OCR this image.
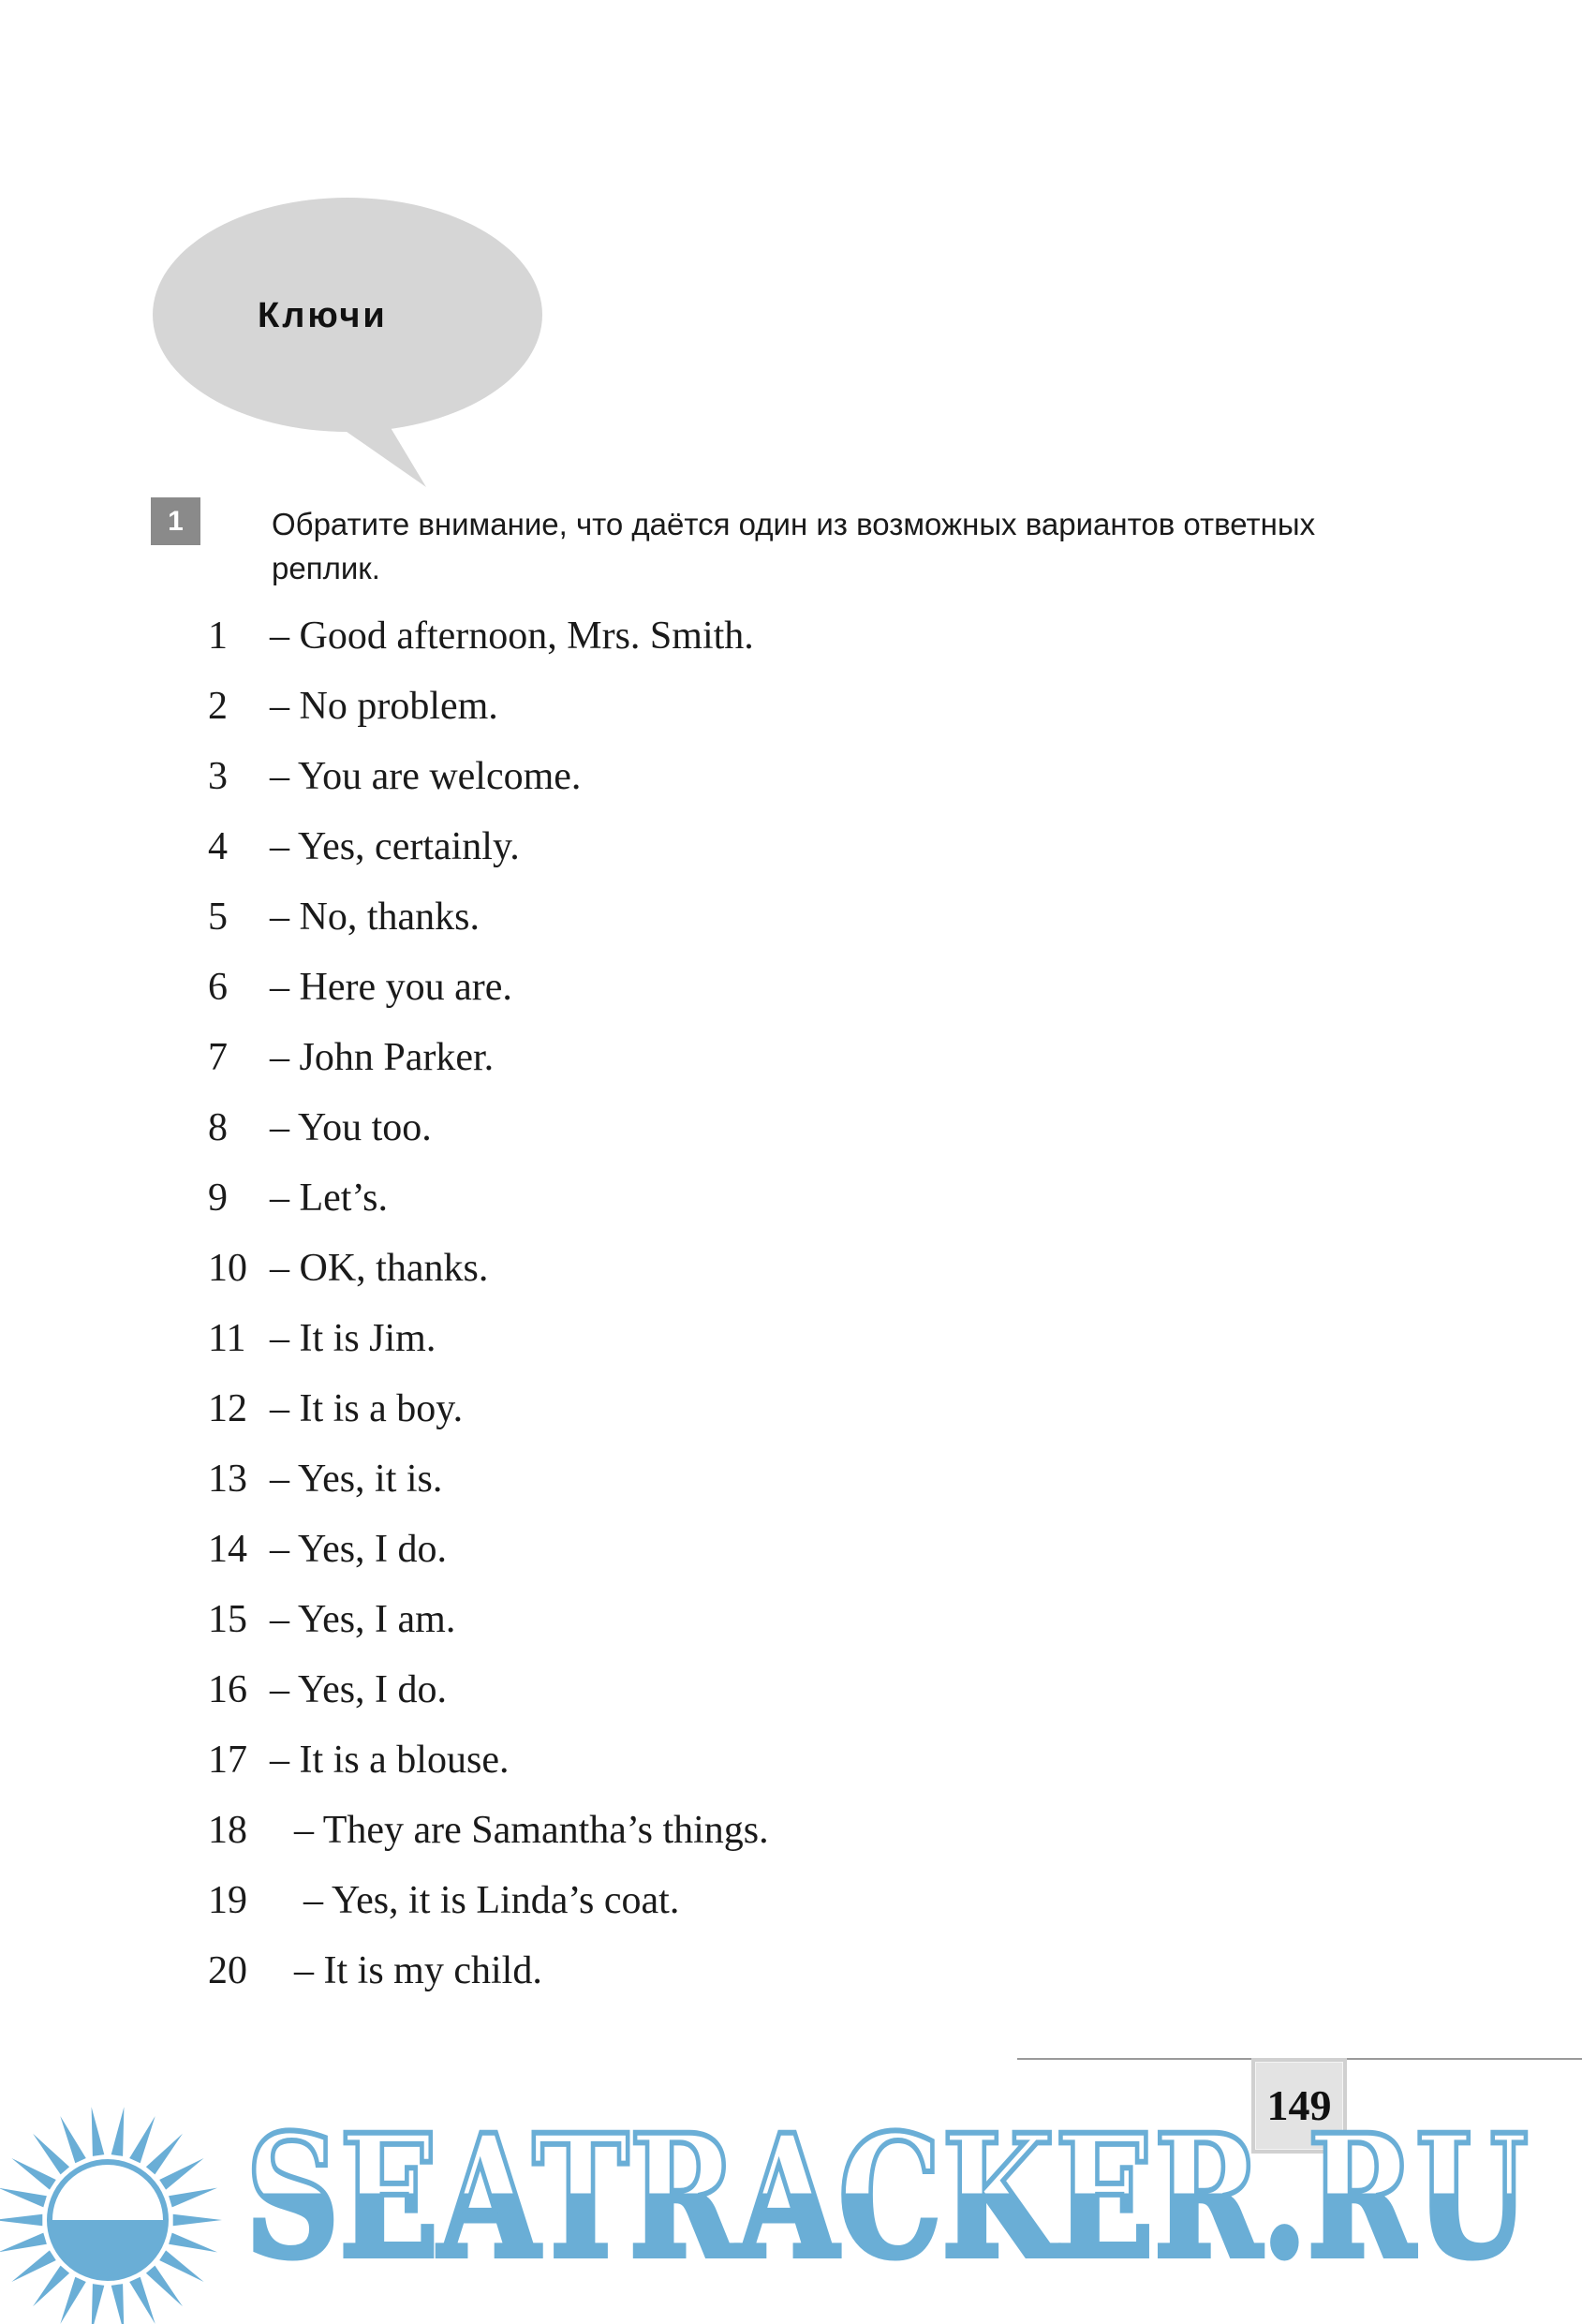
Ключи
1	Обратите внимание, что даётся один из возможных вариантов ответных реплик.
1 – Good afternoon, Mrs. Smith.
2 – No problem.
3 – You are welcome.
4 – Yes, certainly.
5 – No, thanks.
6 – Here you are.
7 – John Parker.
8 – You too.
9 – Let’s.
10 – OK, thanks.
11 – It is Jim.
12 – It is a boy.
13 – Yes, it is.
14 – Yes, I do.
15 – Yes, I am.
16 – Yes, I do.
17 – It is a blouse.
18 – They are Samantha’s things.
19 – Yes, it is Linda’s coat.
20 – It is my child.
149
SEATRACKER.RU
